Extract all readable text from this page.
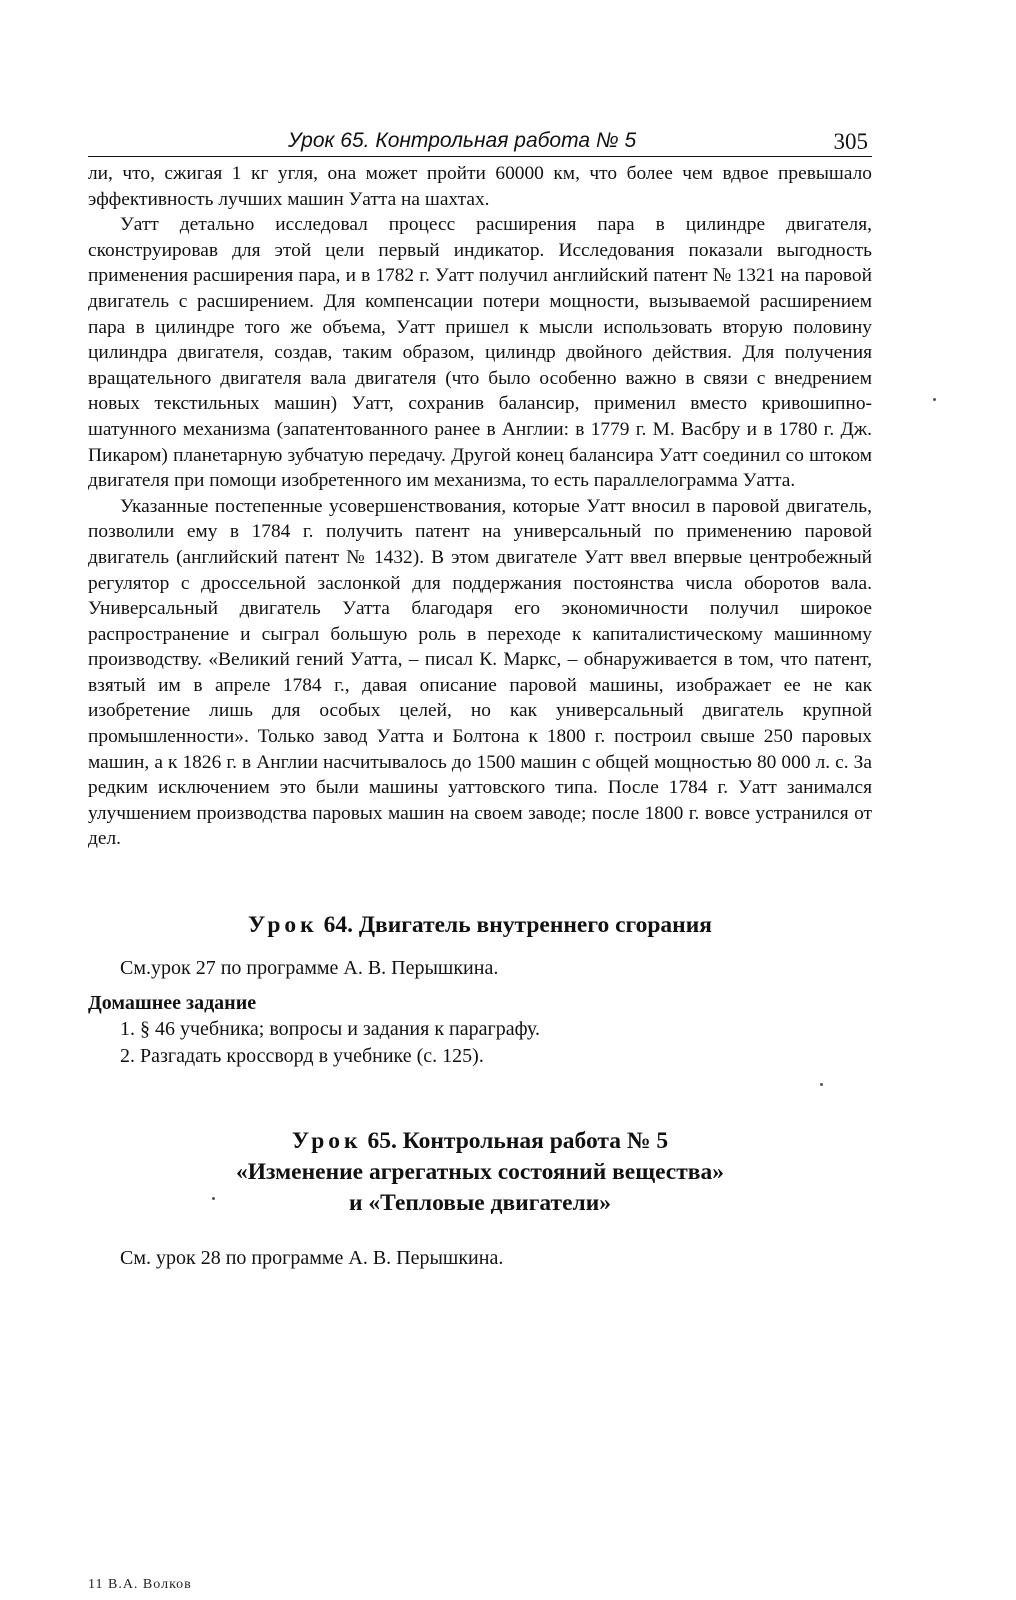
Урок 65. Контрольная работа № 5	305

ли, что, сжигая 1 кг угля, она может пройти 60000 км, что более чем вдвое превышало эффективность лучших машин Уатта на шахтах.

Уатт детально исследовал процесс расширения пара в цилиндре двигателя, сконструировав для этой цели первый индикатор. Исследования показали выгодность применения расширения пара, и в 1782 г. Уатт получил английский патент № 1321 на паровой двигатель с расширением. Для компенсации потери мощности, вызываемой расширением пара в цилиндре того же объема, Уатт пришел к мысли использовать вторую половину цилиндра двигателя, создав, таким образом, цилиндр двойного действия. Для получения вращательного двигателя вала двигателя (что было особенно важно в связи с внедрением новых текстильных машин) Уатт, сохранив балансир, применил вместо кривошипно-шатунного механизма (запатентованного ранее в Англии: в 1779 г. М. Васбру и в 1780 г. Дж. Пикаром) планетарную зубчатую передачу. Другой конец балансира Уатт соединил со штоком двигателя при помощи изобретенного им механизма, то есть параллелограмма Уатта.

Указанные постепенные усовершенствования, которые Уатт вносил в паровой двигатель, позволили ему в 1784 г. получить патент на универсальный по применению паровой двигатель (английский патент № 1432). В этом двигателе Уатт ввел впервые центробежный регулятор с дроссельной заслонкой для поддержания постоянства числа оборотов вала. Универсальный двигатель Уатта благодаря его экономичности получил широкое распространение и сыграл большую роль в переходе к капиталистическому машинному производству. «Великий гений Уатта, – писал К. Маркс, – обнаруживается в том, что патент, взятый им в апреле 1784 г., давая описание паровой машины, изображает ее не как изобретение лишь для особых целей, но как универсальный двигатель крупной промышленности». Только завод Уатта и Болтона к 1800 г. построил свыше 250 паровых машин, а к 1826 г. в Англии насчитывалось до 1500 машин с общей мощностью 80 000 л. с. За редким исключением это были машины уаттовского типа. После 1784 г. Уатт занимался улучшением производства паровых машин на своем заводе; после 1800 г. вовсе устранился от дел.

Урок 64. Двигатель внутреннего сгорания
См.урок 27 по программе А. В. Перышкина.
Домашнее задание
1. § 46 учебника; вопросы и задания к параграфу.
2. Разгадать кроссворд в учебнике (с. 125).
Урок 65. Контрольная работа № 5
«Изменение агрегатных состояний вещества»
и «Тепловые двигатели»
См. урок 28 по программе А. В. Перышкина.
11 В.А. Волков
